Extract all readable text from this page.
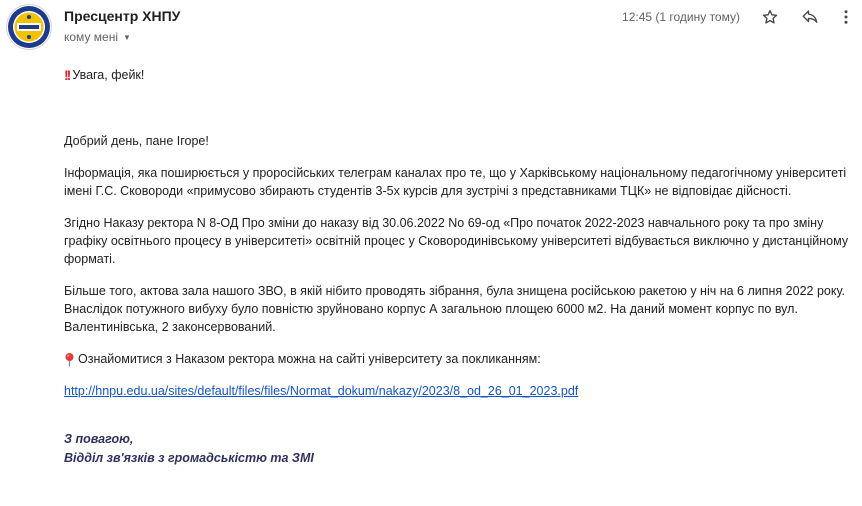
Пресцентр ХНПУ
кому мені ▼
12:45 (1 годину тому)

!! Увага, фейк!

Добрий день, пане Ігоре!

Інформація, яка поширюється у проросійських телеграм каналах про те, що у Харківському національному педагогічному університеті імені Г.С. Сковороди «примусово збирають студентів 3-5х курсів для зустрічі з представниками ТЦК» не відповідає дійсності.

Згідно Наказу ректора N 8-ОД Про зміни до наказу від 30.06.2022 No 69-од «Про початок 2022-2023 навчального року та про зміну графіку освітнього процесу в університеті» освітній процес у Сковородинівському університеті відбувається виключно у дистанційному форматі.

Більше того, актова зала нашого ЗВО, в якій нібито проводять зібрання, була знищена російською ракетою у ніч на 6 липня 2022 року. Внаслідок потужного вибуху було повністю зруйновано корпус А загальною площею 6000 м2. На даний момент корпус по вул. Валентинівська, 2 законсервований.

Ознайомитися з Наказом ректора можна на сайті університету за покликанням:

http://hnpu.edu.ua/sites/default/files/files/Normat_dokum/nakazy/2023/8_od_26_01_2023.pdf

З повагою,
Відділ зв'язків з громадськістю та ЗМІ
